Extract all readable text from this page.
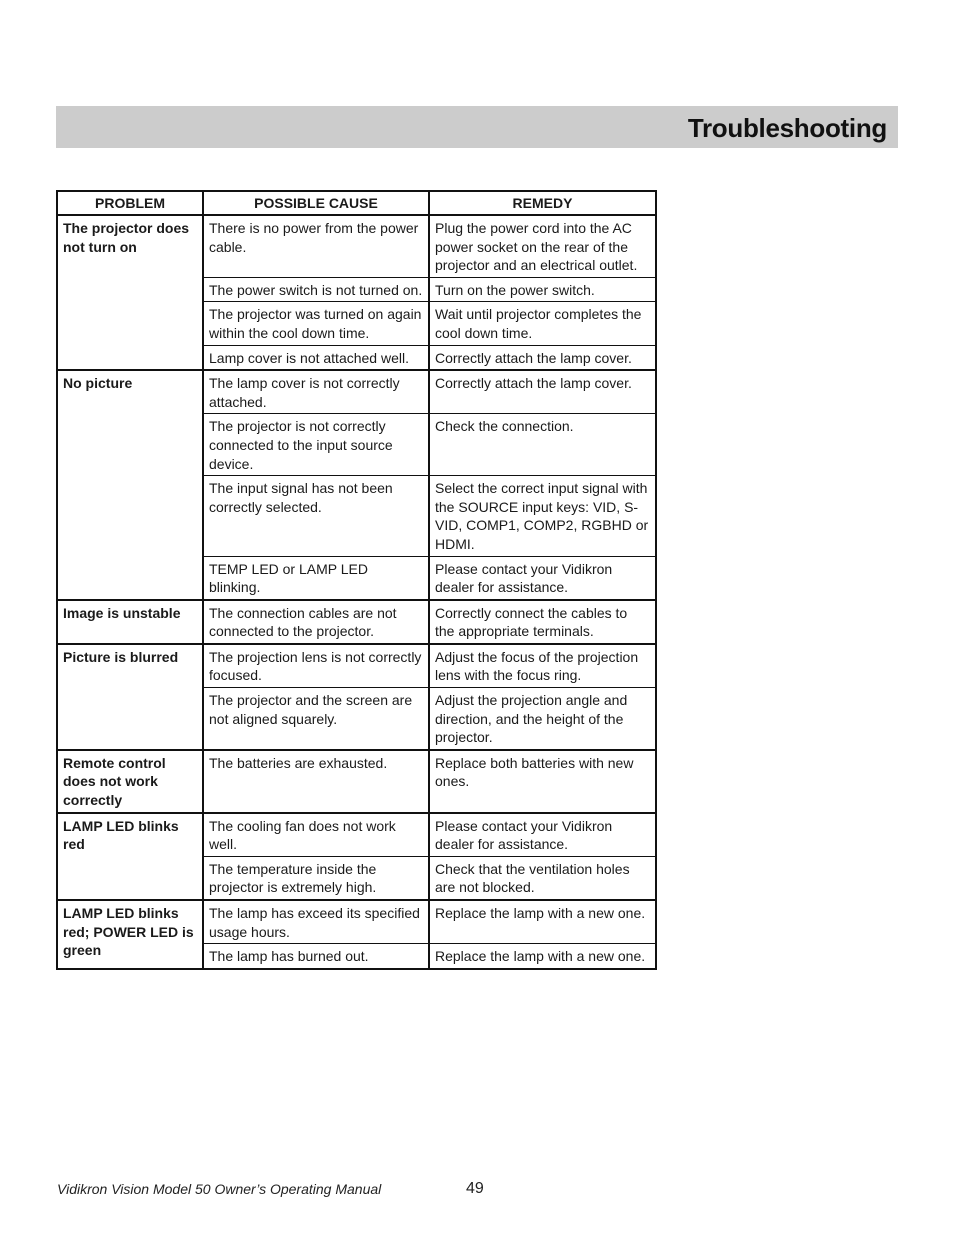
Troubleshooting
PROBLEM	POSSIBLE CAUSE	REMEDY
The projector does not turn on	There is no power from the power cable.	Plug the power cord into the AC power socket on the rear of the projector and an electrical outlet.
	The power switch is not turned on.	Turn on the power switch.
	The projector was turned on again within the cool down time.	Wait until projector completes the cool down time.
	Lamp cover is not attached well.	Correctly attach the lamp cover.
No picture	The lamp cover is not correctly attached.	Correctly attach the lamp cover.
	The projector is not correctly connected to the input source device.	Check the connection.
	The input signal has not been correctly selected.	Select the correct input signal with the SOURCE input keys: VID, S-VID, COMP1, COMP2, RGBHD or HDMI.
	TEMP LED or LAMP LED blinking.	Please contact your Vidikron dealer for assistance.
Image is unstable	The connection cables are not connected to the projector.	Correctly connect the cables to the appropriate terminals.
Picture is blurred	The projection lens is not correctly focused.	Adjust the focus of the projection lens with the focus ring.
	The projector and the screen are not aligned squarely.	Adjust the projection angle and direction, and the height of the projector.
Remote control does not work correctly	The batteries are exhausted.	Replace both batteries with new ones.
LAMP LED blinks red	The cooling fan does not work well.	Please contact your Vidikron dealer for assistance.
	The temperature inside the projector is extremely high.	Check that the ventilation holes are not blocked.
LAMP LED blinks red; POWER LED is green	The lamp has exceed its specified usage hours.	Replace the lamp with a new one.
	The lamp has burned out.	Replace the lamp with a new one.
Vidikron Vision Model 50 Owner’s Operating Manual	49
